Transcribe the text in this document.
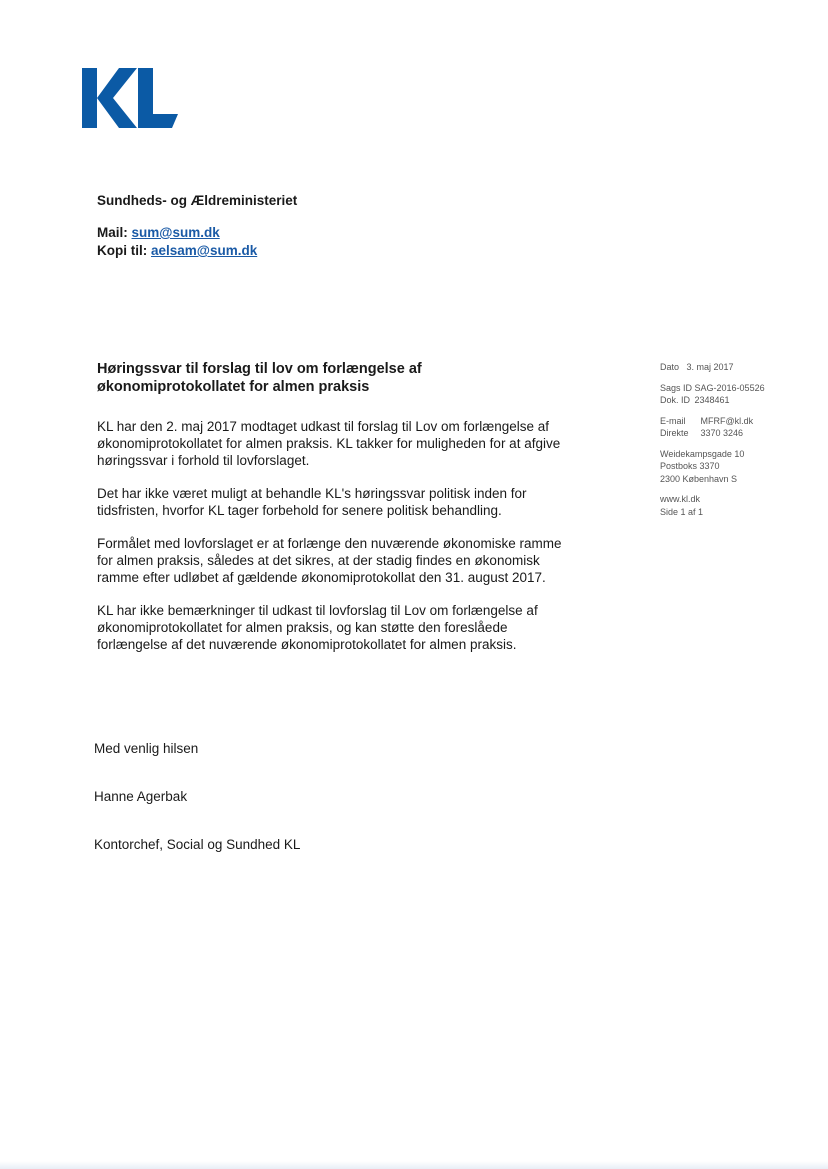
Sundheds- og Ældreministeriet
Mail: sum@sum.dk
Kopi til: aelsam@sum.dk
Dato 3. maj 2017
Sags ID SAG-2016-05526
Dok. ID 2348461
E-mail MFRF@kl.dk
Direkte 3370 3246
Weidekampsgade 10
Postboks 3370
2300 København S
www.kl.dk
Side 1 af 1
Høringssvar til forslag til lov om forlængelse af
økonomiprotokollatet for almen praksis

KL har den 2. maj 2017 modtaget udkast til forslag til Lov om forlængelse af økonomiprotokollatet for almen praksis. KL takker for muligheden for at afgive høringssvar i forhold til lovforslaget.

Det har ikke været muligt at behandle KL's høringssvar politisk inden for tidsfristen, hvorfor KL tager forbehold for senere politisk behandling.

Formålet med lovforslaget er at forlænge den nuværende økonomiske ramme for almen praksis, således at det sikres, at der stadig findes en økonomisk ramme efter udløbet af gældende økonomiprotokollat den 31. august 2017.

KL har ikke bemærkninger til udkast til lovforslag til Lov om forlængelse af økonomiprotokollatet for almen praksis, og kan støtte den foreslåede forlængelse af det nuværende økonomiprotokollatet for almen praksis.

Med venlig hilsen

Hanne Agerbak

Kontorchef, Social og Sundhed KL
